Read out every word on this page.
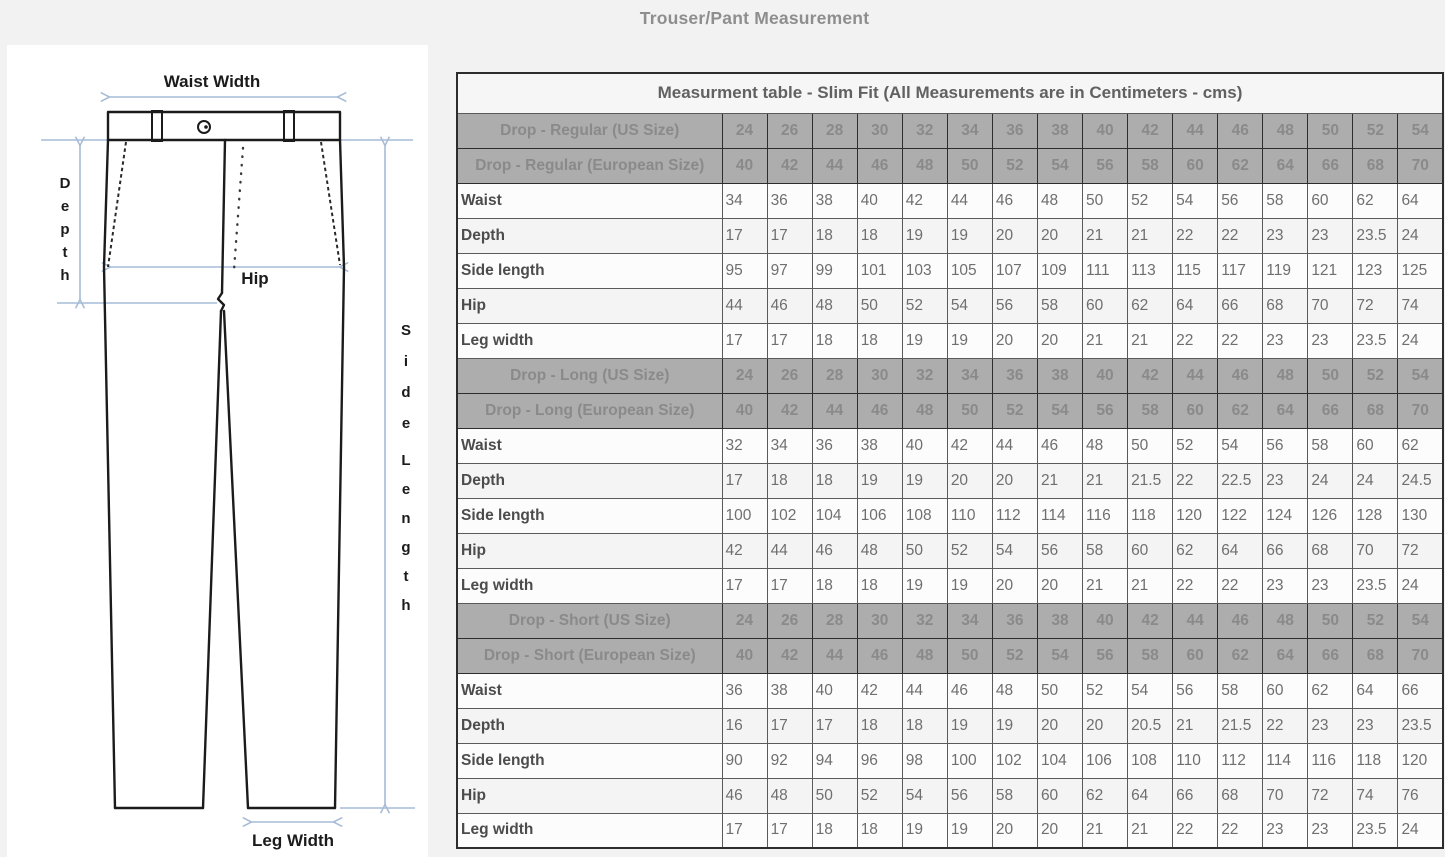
Trouser/Pant Measurement
Waist Width
D e p t h	Hip
S i d e
L e n g t h
Leg Width
Measurment table - Slim Fit (All Measurements are in Centimeters - cms)																
Drop - Regular (US Size)	24	26	28	30	32	34	36	38	40	42	44	46	48	50	52	54
Drop - Regular (European Size)	40	42	44	46	48	50	52	54	56	58	60	62	64	66	68	70
Waist	34	36	38	40	42	44	46	48	50	52	54	56	58	60	62	64
Depth	17	17	18	18	19	19	20	20	21	21	22	22	23	23	23.5	24
Side length	95	97	99	101	103	105	107	109	111	113	115	117	119	121	123	125
Hip	44	46	48	50	52	54	56	58	60	62	64	66	68	70	72	74
Leg width	17	17	18	18	19	19	20	20	21	21	22	22	23	23	23.5	24
Drop - Long (US Size)	24	26	28	30	32	34	36	38	40	42	44	46	48	50	52	54
Drop - Long (European Size)	40	42	44	46	48	50	52	54	56	58	60	62	64	66	68	70
Waist	32	34	36	38	40	42	44	46	48	50	52	54	56	58	60	62
Depth	17	18	18	19	19	20	20	21	21	21.5	22	22.5	23	24	24	24.5
Side length	100	102	104	106	108	110	112	114	116	118	120	122	124	126	128	130
Hip	42	44	46	48	50	52	54	56	58	60	62	64	66	68	70	72
Leg width	17	17	18	18	19	19	20	20	21	21	22	22	23	23	23.5	24
Drop - Short (US Size)	24	26	28	30	32	34	36	38	40	42	44	46	48	50	52	54
Drop - Short (European Size)	40	42	44	46	48	50	52	54	56	58	60	62	64	66	68	70
Waist	36	38	40	42	44	46	48	50	52	54	56	58	60	62	64	66
Depth	16	17	17	18	18	19	19	20	20	20.5	21	21.5	22	23	23	23.5
Side length	90	92	94	96	98	100	102	104	106	108	110	112	114	116	118	120
Hip	46	48	50	52	54	56	58	60	62	64	66	68	70	72	74	76
Leg width	17	17	18	18	19	19	20	20	21	21	22	22	23	23	23.5	24
